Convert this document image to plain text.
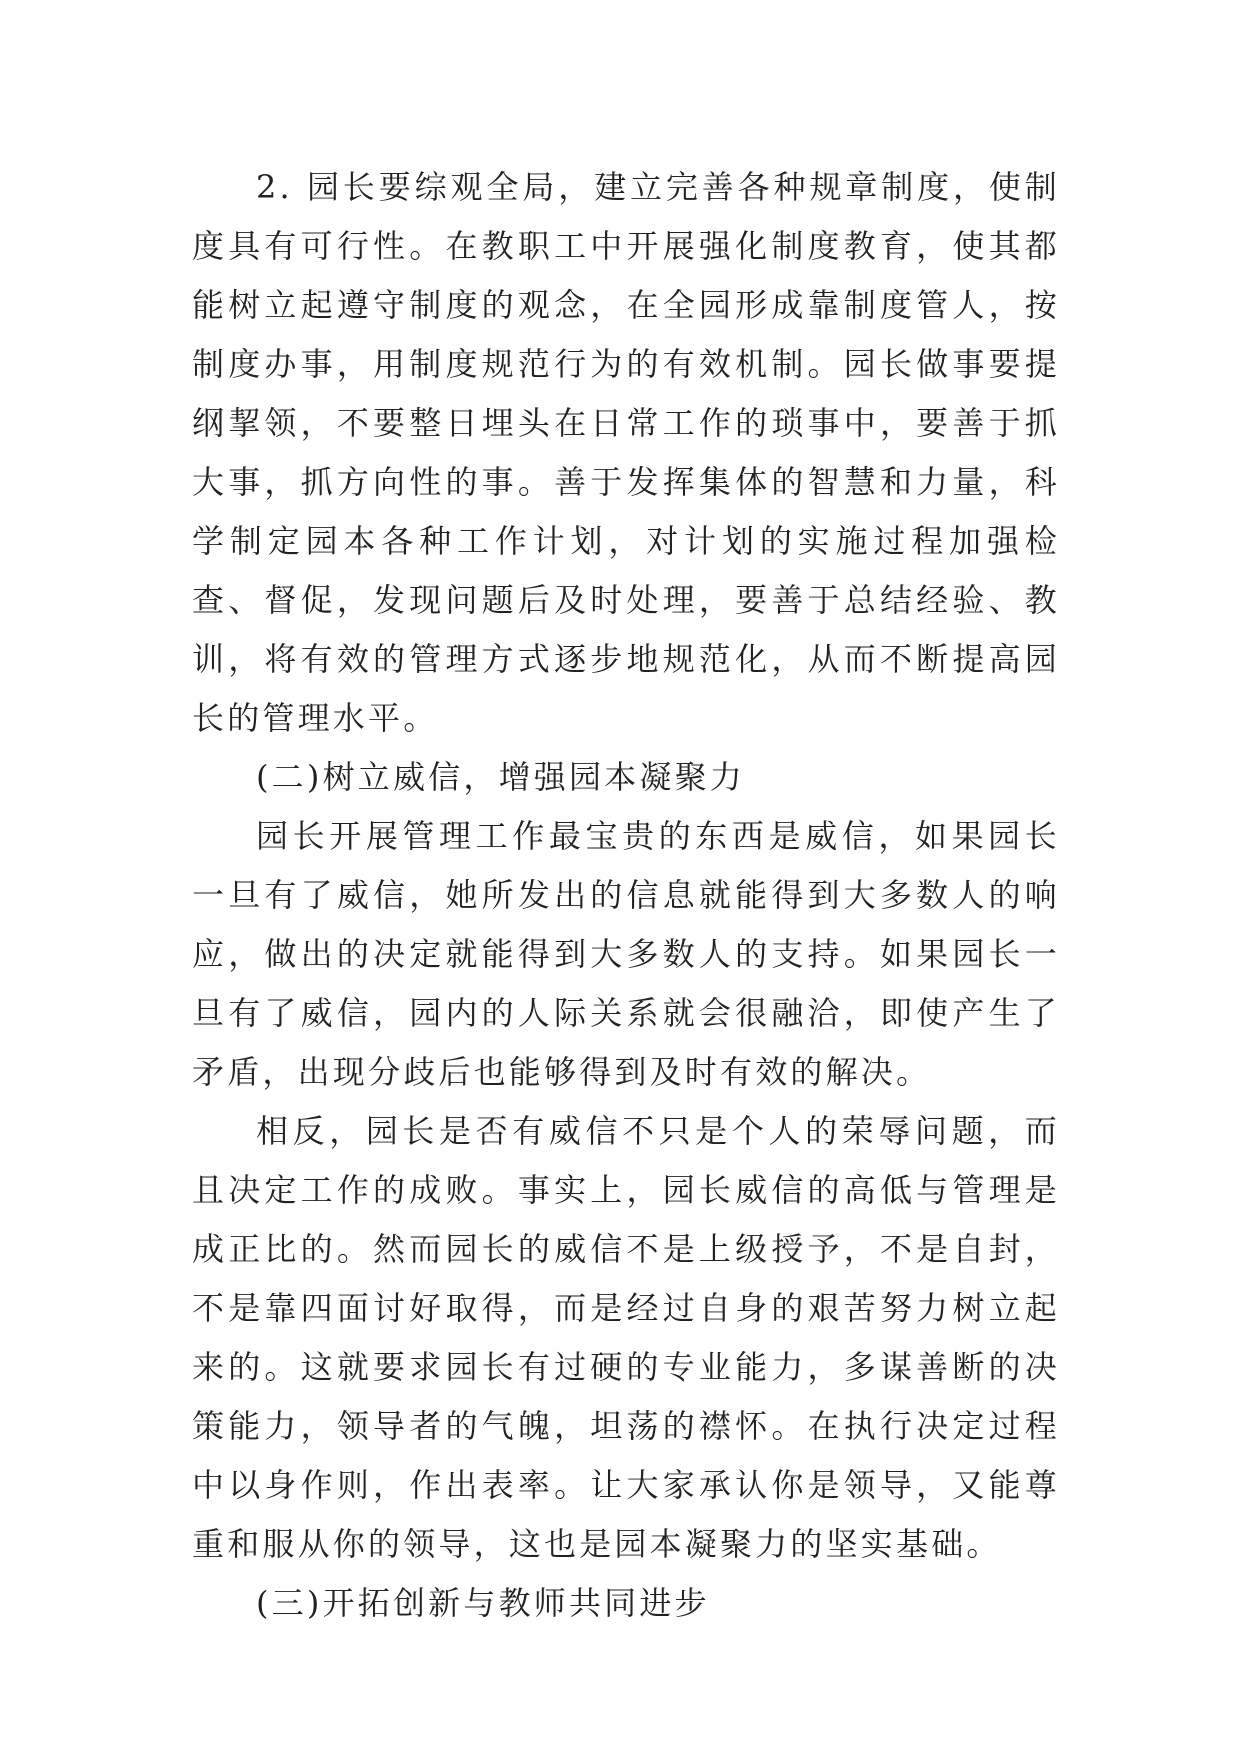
2. 园长要综观全局，建立完善各种规章制度，使制度具有可行性。在教职工中开展强化制度教育，使其都能树立起遵守制度的观念，在全园形成靠制度管人，按制度办事，用制度规范行为的有效机制。园长做事要提纲挈领，不要整日埋头在日常工作的琐事中，要善于抓大事，抓方向性的事。善于发挥集体的智慧和力量，科学制定园本各种工作计划，对计划的实施过程加强检查、督促，发现问题后及时处理，要善于总结经验、教训，将有效的管理方式逐步地规范化，从而不断提高园长的管理水平。

(二)树立威信，增强园本凝聚力

园长开展管理工作最宝贵的东西是威信，如果园长一旦有了威信，她所发出的信息就能得到大多数人的响应，做出的决定就能得到大多数人的支持。如果园长一旦有了威信，园内的人际关系就会很融洽，即使产生了矛盾，出现分歧后也能够得到及时有效的解决。

相反，园长是否有威信不只是个人的荣辱问题，而且决定工作的成败。事实上，园长威信的高低与管理是成正比的。然而园长的威信不是上级授予，不是自封，不是靠四面讨好取得，而是经过自身的艰苦努力树立起来的。这就要求园长有过硬的专业能力，多谋善断的决策能力，领导者的气魄，坦荡的襟怀。在执行决定过程中以身作则，作出表率。让大家承认你是领导，又能尊重和服从你的领导，这也是园本凝聚力的坚实基础。

(三)开拓创新与教师共同进步
